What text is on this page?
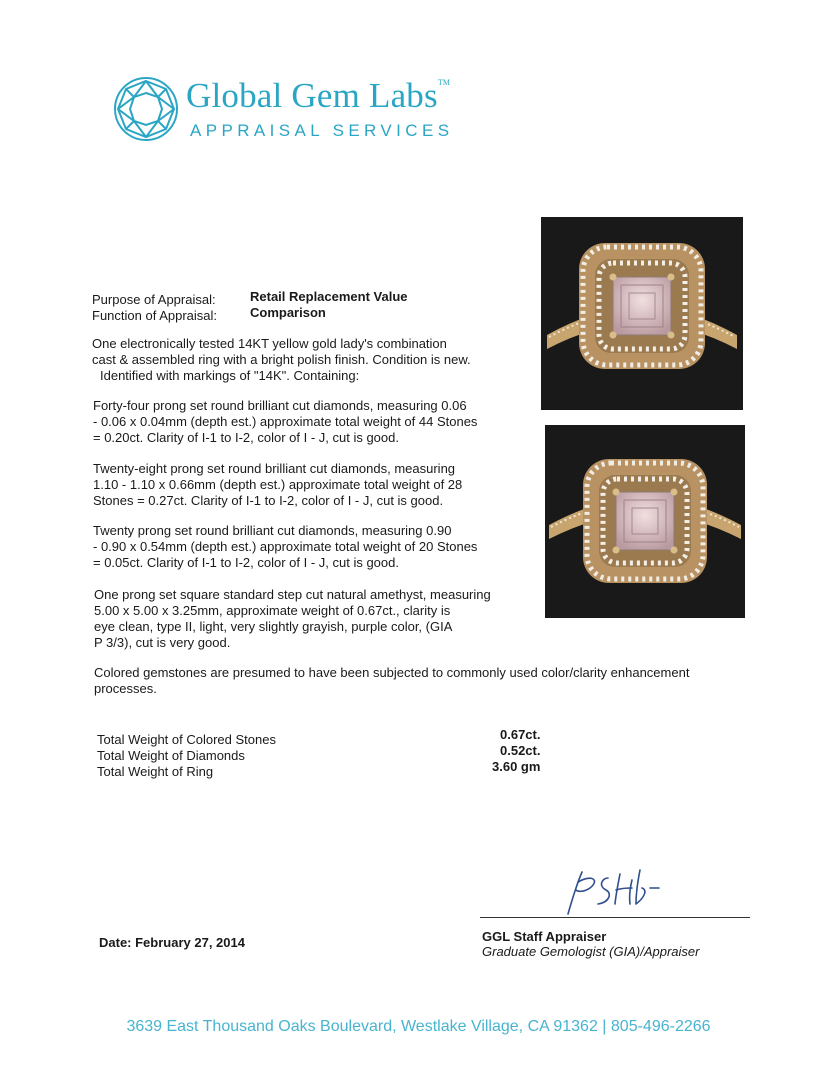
Global Gem Labs™
APPRAISAL SERVICES
Purpose of Appraisal:	Retail Replacement Value
Function of Appraisal:	Comparison
One electronically tested 14KT yellow gold lady's combination
cast & assembled ring with a bright polish finish. Condition is new.
Identified with markings of "14K". Containing:
Forty-four prong set round brilliant cut diamonds, measuring 0.06
- 0.06 x 0.04mm (depth est.) approximate total weight of 44 Stones
= 0.20ct. Clarity of I-1 to I-2, color of I - J, cut is good.
Twenty-eight prong set round brilliant cut diamonds, measuring
1.10 - 1.10 x 0.66mm (depth est.) approximate total weight of 28
Stones = 0.27ct. Clarity of I-1 to I-2, color of I - J, cut is good.
Twenty prong set round brilliant cut diamonds, measuring 0.90
- 0.90 x 0.54mm (depth est.) approximate total weight of 20 Stones
= 0.05ct. Clarity of I-1 to I-2, color of I - J, cut is good.
One prong set square standard step cut natural amethyst, measuring
5.00 x 5.00 x 3.25mm, approximate weight of 0.67ct., clarity is
eye clean, type II, light, very slightly grayish, purple color, (GIA
P 3/3), cut is very good.
Colored gemstones are presumed to have been subjected to commonly used color/clarity enhancement
processes.
Total Weight of Colored Stones	0.67ct.
Total Weight of Diamonds	0.52ct.
Total Weight of Ring	3.60 gm
Date: February 27, 2014	GGL Staff Appraiser
Graduate Gemologist (GIA)/Appraiser
3639 East Thousand Oaks Boulevard, Westlake Village, CA 91362 | 805-496-2266
